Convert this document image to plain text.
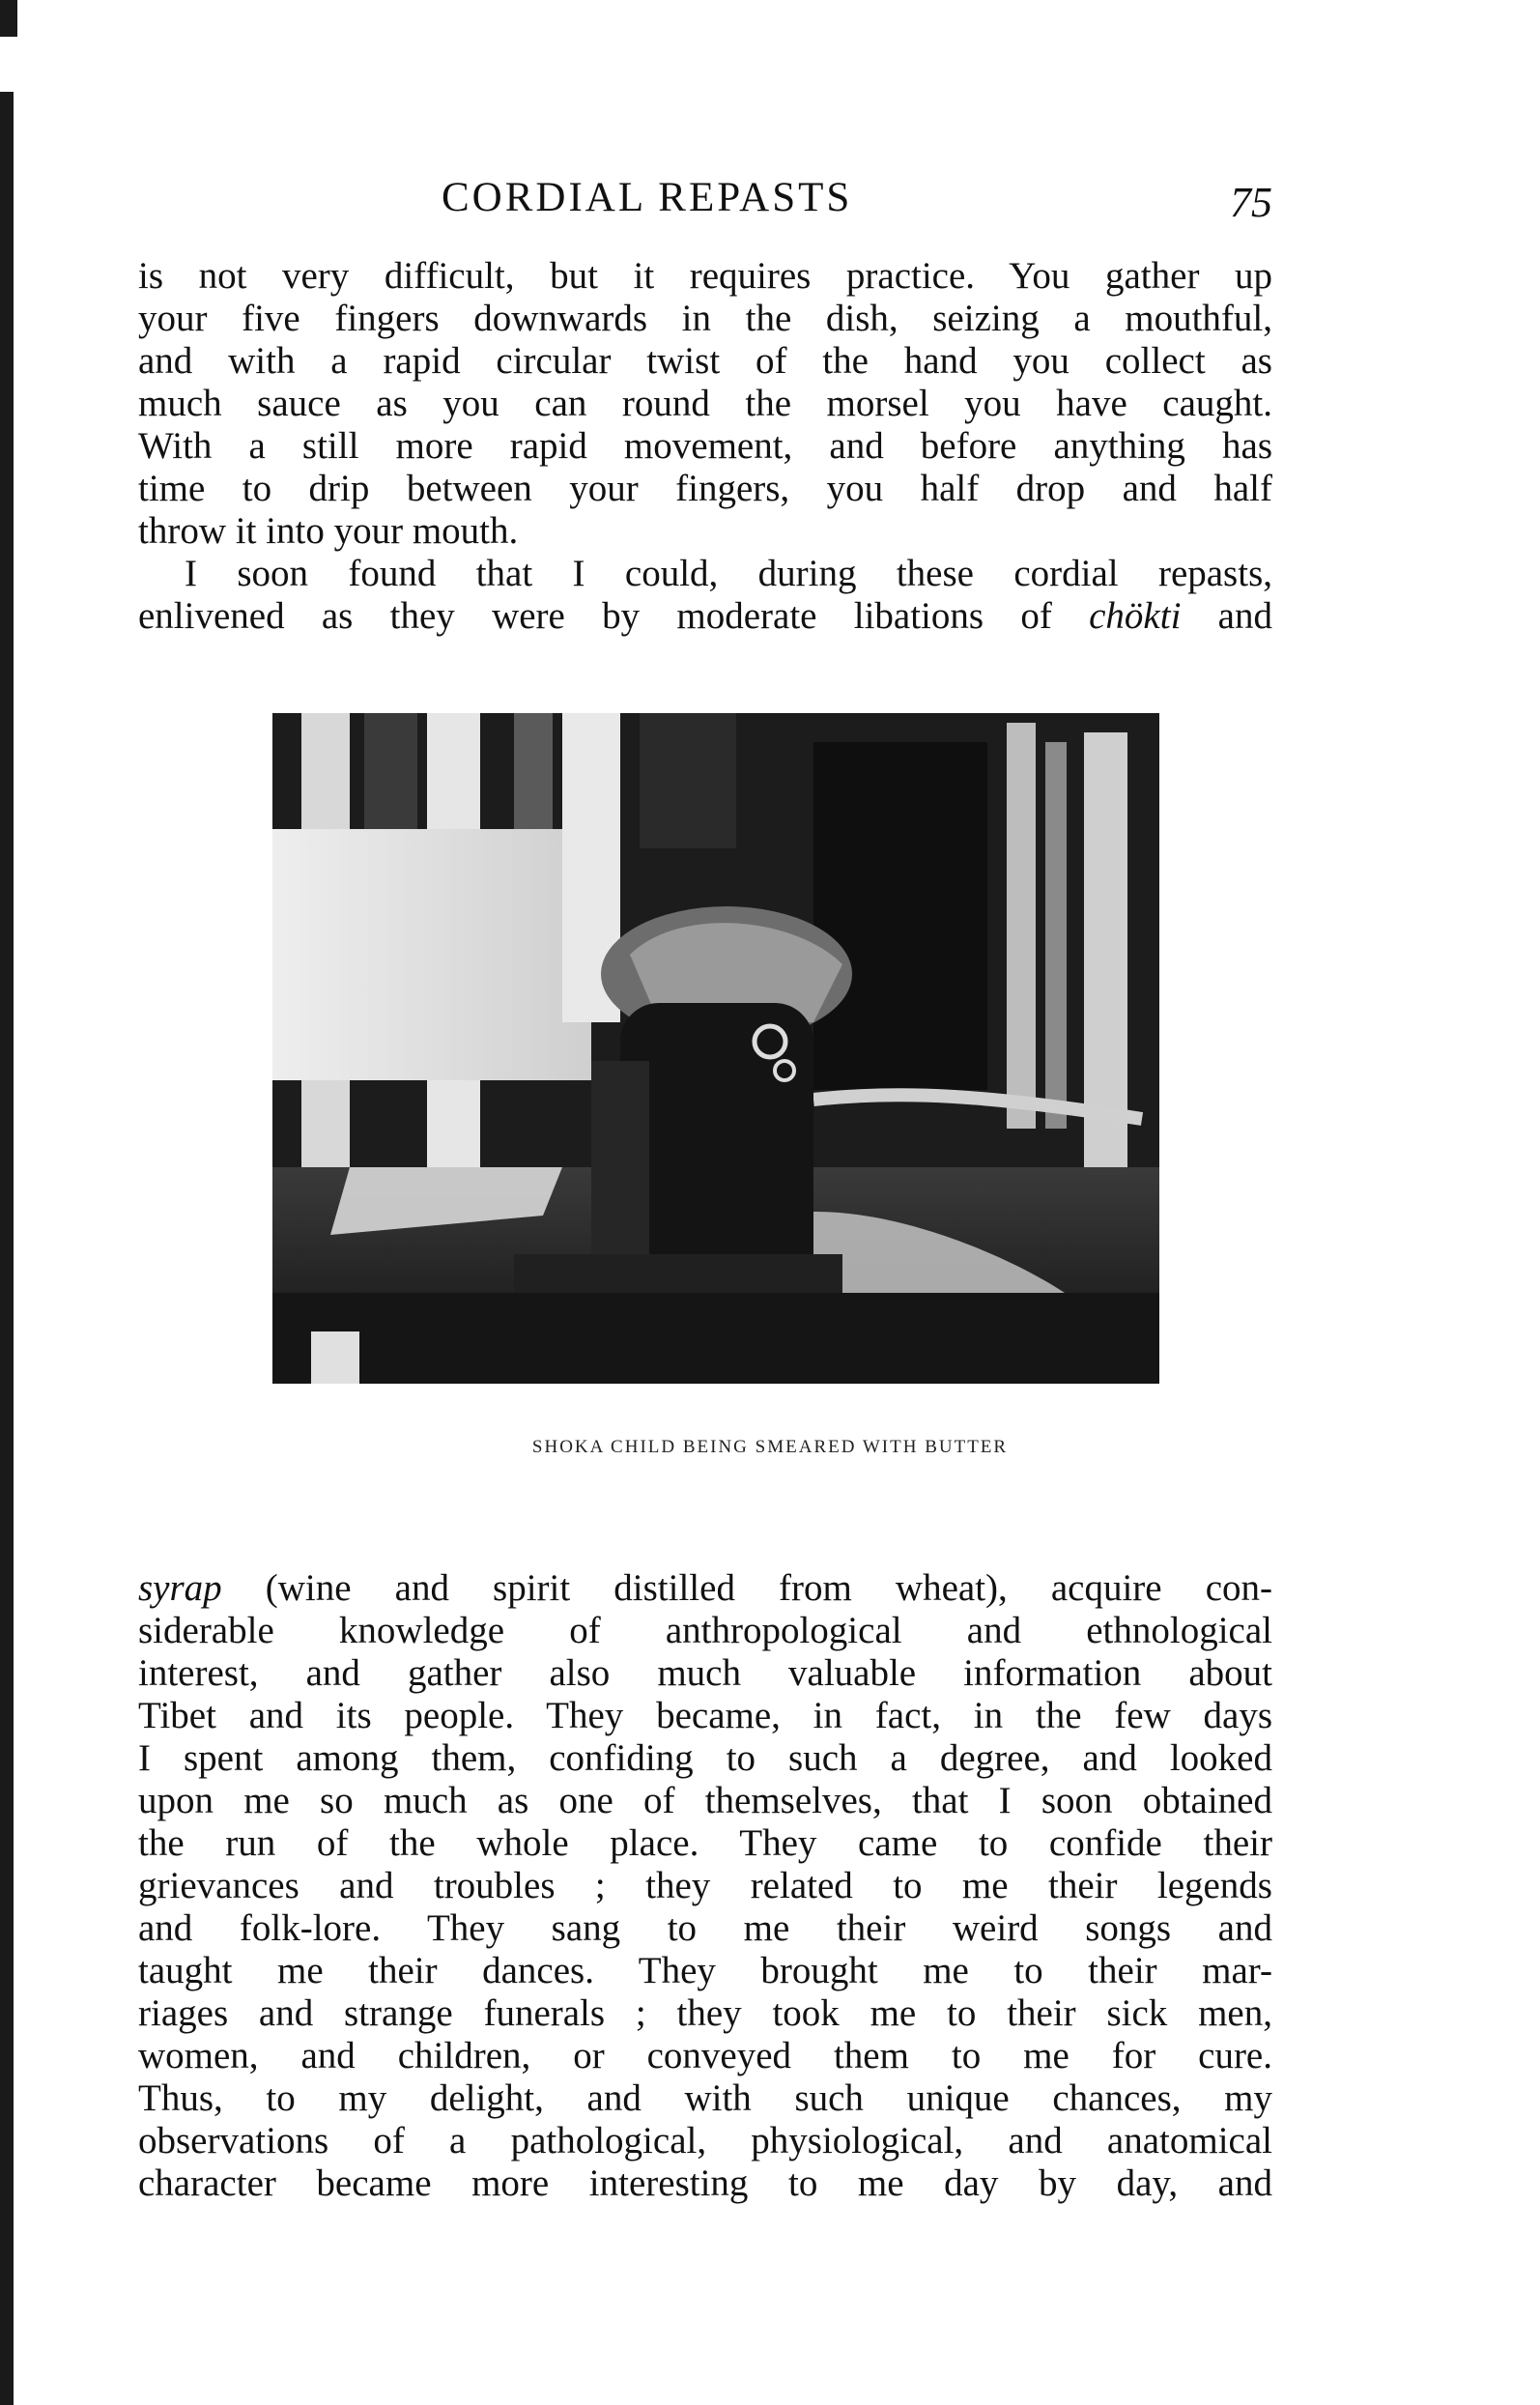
CORDIAL REPASTS	75
is not very difficult, but it requires practice. You gather up
your five fingers downwards in the dish, seizing a mouthful,
and with a rapid circular twist of the hand you collect as
much sauce as you can round the morsel you have caught.
With a still more rapid movement, and before anything has
time to drip between your fingers, you half drop and half
throw it into your mouth.
I soon found that I could, during these cordial repasts,
enlivened as they were by moderate libations of chökti and
SHOKA CHILD BEING SMEARED WITH BUTTER
syrap (wine and spirit distilled from wheat), acquire con-
siderable knowledge of anthropological and ethnological
interest, and gather also much valuable information about
Tibet and its people. They became, in fact, in the few days
I spent among them, confiding to such a degree, and looked
upon me so much as one of themselves, that I soon obtained
the run of the whole place. They came to confide their
grievances and troubles ; they related to me their legends
and folk-lore. They sang to me their weird songs and
taught me their dances. They brought me to their mar-
riages and strange funerals ; they took me to their sick men,
women, and children, or conveyed them to me for cure.
Thus, to my delight, and with such unique chances, my
observations of a pathological, physiological, and anatomical
character became more interesting to me day by day, and
